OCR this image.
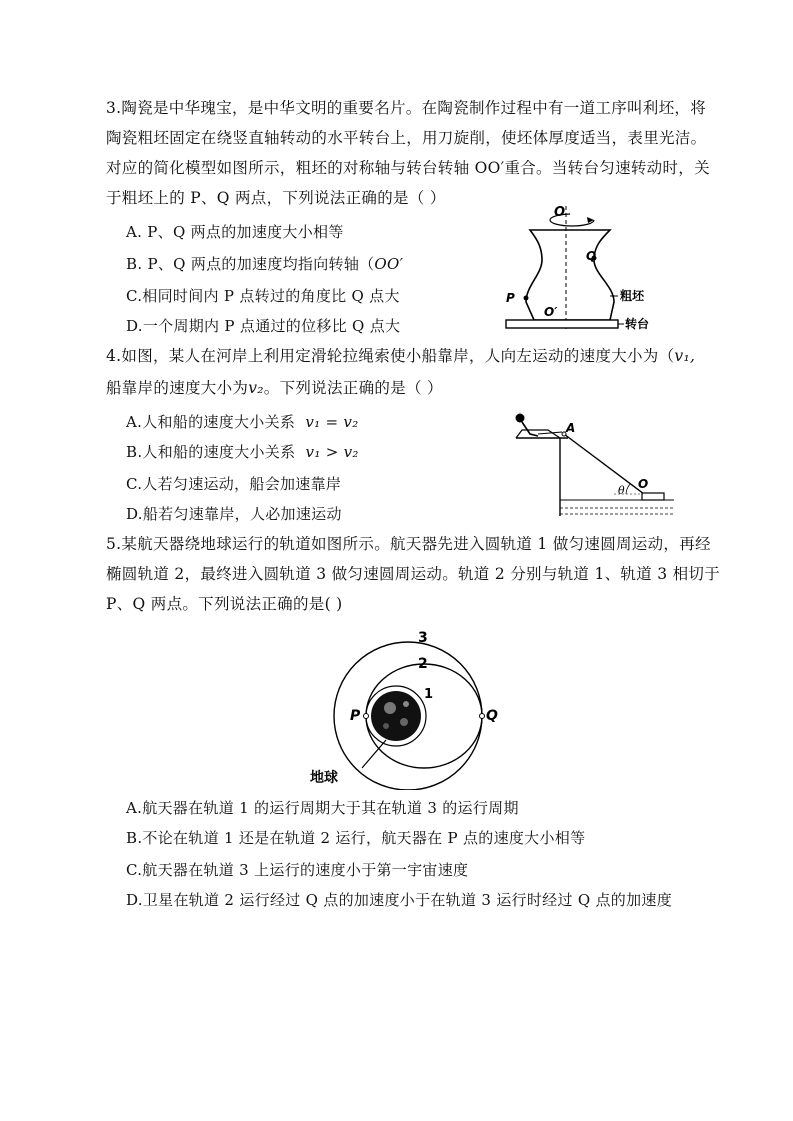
3.陶瓷是中华瑰宝，是中华文明的重要名片。在陶瓷制作过程中有一道工序叫利坯，将
陶瓷粗坯固定在绕竖直轴转动的水平转台上，用刀旋削，使坯体厚度适当，表里光洁。
对应的简化模型如图所示，粗坯的对称轴与转台转轴 OO′重合。当转台匀速转动时，关
于粗坯上的 P、Q 两点，下列说法正确的是（ ）
A. P、Q 两点的加速度大小相等
B. P、Q 两点的加速度均指向转轴（OO′
C.相同时间内 P 点转过的角度比 Q 点大
D.一个周期内 P 点通过的位移比 Q 点大
O
Q
P
O′
粗坯
转台
4.如图，某人在河岸上利用定滑轮拉绳索使小船靠岸，人向左运动的速度大小为（v₁,
船靠岸的速度大小为v₂。下列说法正确的是（ ）
A.人和船的速度大小关系 v₁ = v₂
B.人和船的速度大小关系 v₁ > v₂
C.人若匀速运动，船会加速靠岸
D.船若匀速靠岸，人必加速运动
A
θ O
5.某航天器绕地球运行的轨道如图所示。航天器先进入圆轨道 1 做匀速圆周运动，再经
椭圆轨道 2，最终进入圆轨道 3 做匀速圆周运动。轨道 2 分别与轨道 1、轨道 3 相切于
P、Q 两点。下列说法正确的是( )
3
2
1
P	Q
地球
A.航天器在轨道 1 的运行周期大于其在轨道 3 的运行周期
B.不论在轨道 1 还是在轨道 2 运行，航天器在 P 点的速度大小相等
C.航天器在轨道 3 上运行的速度小于第一宇宙速度
D.卫星在轨道 2 运行经过 Q 点的加速度小于在轨道 3 运行时经过 Q 点的加速度
